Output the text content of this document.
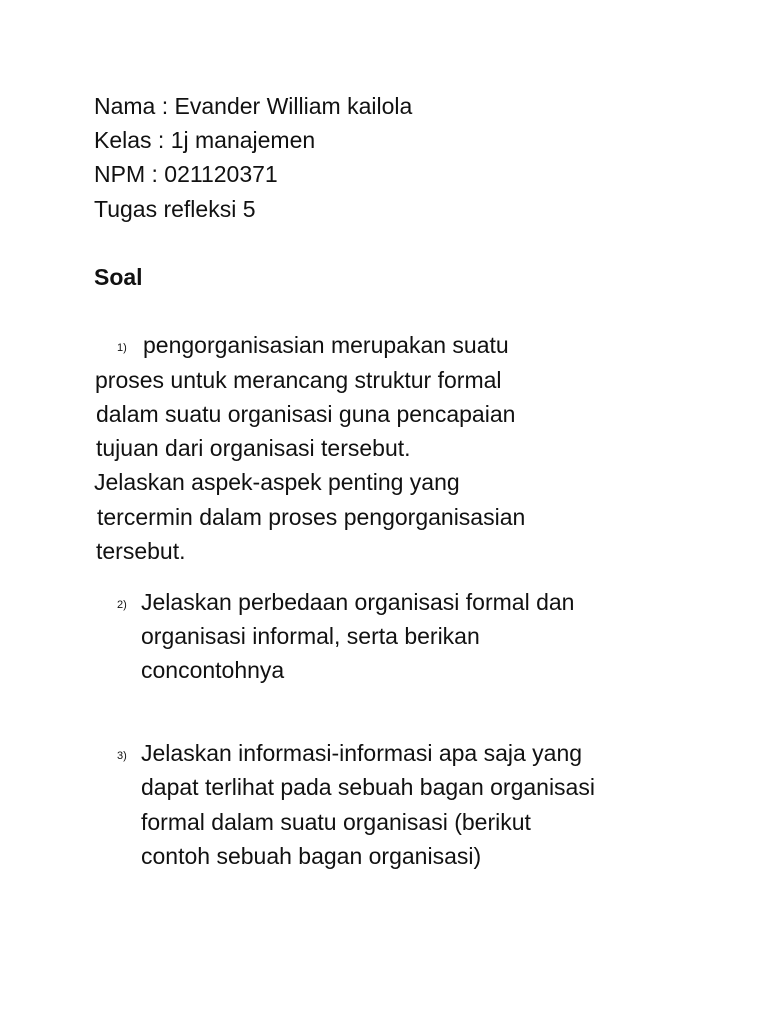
Nama : Evander William kailola
Kelas : 1j manajemen
NPM : 021120371
Tugas refleksi 5
Soal
1) pengorganisasian merupakan suatu
proses untuk merancang struktur formal
dalam suatu organisasi guna pencapaian
tujuan dari organisasi tersebut.
Jelaskan aspek-aspek penting yang
tercermin dalam proses pengorganisasian
tersebut.
2) Jelaskan perbedaan organisasi formal dan
organisasi informal, serta berikan
concontohnya
3) Jelaskan informasi-informasi apa saja yang
dapat terlihat pada sebuah bagan organisasi
formal dalam suatu organisasi (berikut
contoh sebuah bagan organisasi)
